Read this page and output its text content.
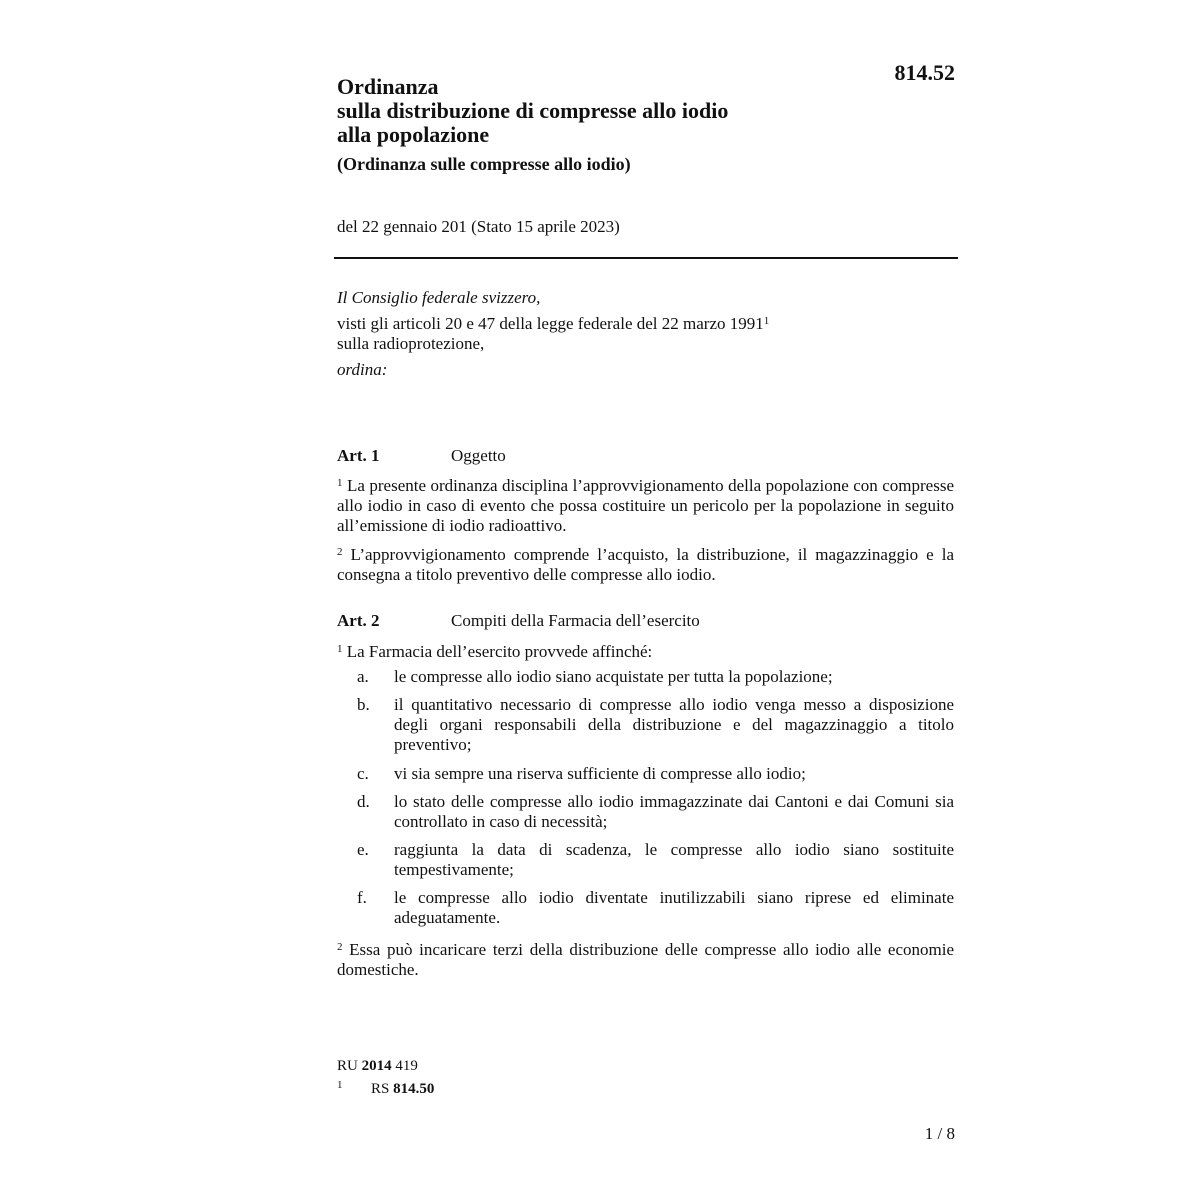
814.52
Ordinanza
sulla distribuzione di compresse allo iodio
alla popolazione
(Ordinanza sulle compresse allo iodio)
del 22 gennaio 201 (Stato 15 aprile 2023)
Il Consiglio federale svizzero,
visti gli articoli 20 e 47 della legge federale del 22 marzo 1991$^1$
sulla radioprotezione,
ordina:
Art. 1	Oggetto
$^1$ La presente ordinanza disciplina l’approvvigionamento della popolazione con compresse allo iodio in caso di evento che possa costituire un pericolo per la popolazione in seguito all’emissione di iodio radioattivo.
$^2$ L’approvvigionamento comprende l’acquisto, la distribuzione, il magazzinaggio e la consegna a titolo preventivo delle compresse allo iodio.
Art. 2	Compiti della Farmacia dell’esercito
$^1$ La Farmacia dell’esercito provvede affinché:
a. le compresse allo iodio siano acquistate per tutta la popolazione;
b. il quantitativo necessario di compresse allo iodio venga messo a disposizione degli organi responsabili della distribuzione e del magazzinaggio a titolo preventivo;
c. vi sia sempre una riserva sufficiente di compresse allo iodio;
d. lo stato delle compresse allo iodio immagazzinate dai Cantoni e dai Comuni sia controllato in caso di necessità;
e. raggiunta la data di scadenza, le compresse allo iodio siano sostituite tempestivamente;
f. le compresse allo iodio diventate inutilizzabili siano riprese ed eliminate adeguatamente.
$^2$ Essa può incaricare terzi della distribuzione delle compresse allo iodio alle economie domestiche.
RU 2014 419
1 RS 814.50
1 / 8
